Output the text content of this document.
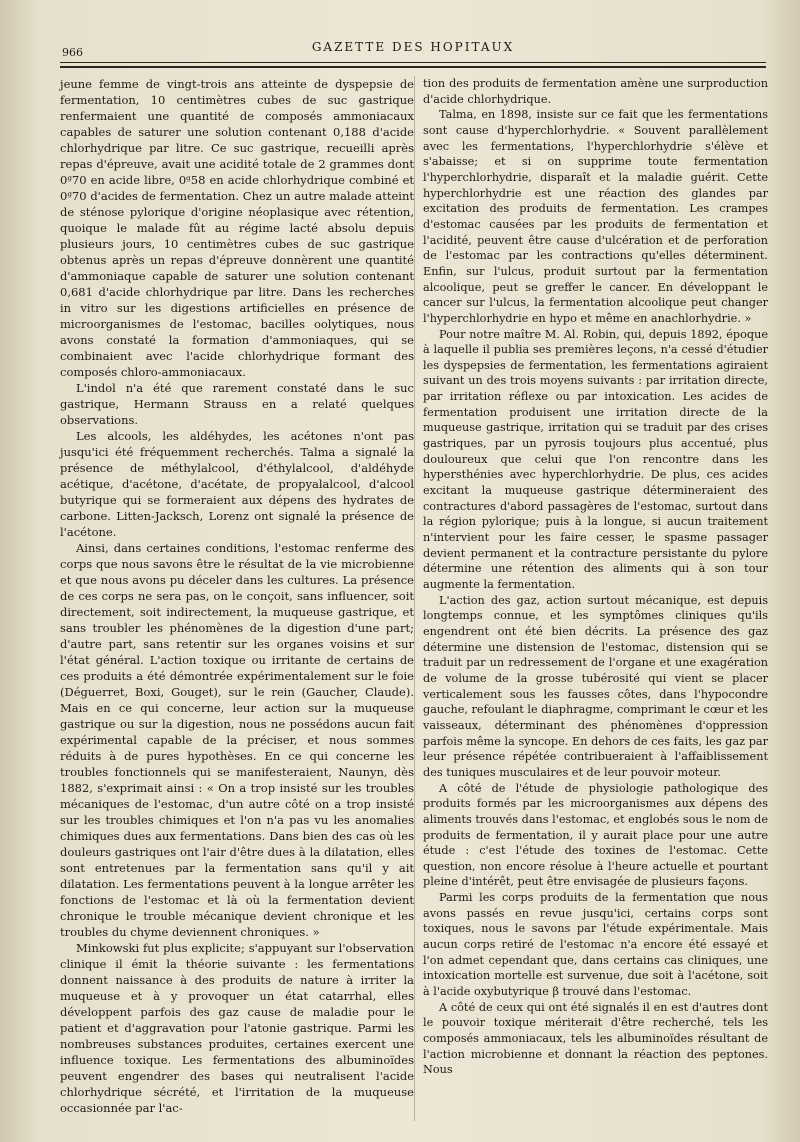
966	GAZETTE DES HOPITAUX

jeune femme de vingt-trois ans atteinte de dyspepsie de fermentation, 10 centimètres cubes de suc gastrique renfermaient une quantité de composés ammoniacaux capables de saturer une solution contenant 0,188 d'acide chlorhydrique par litre. Ce suc gastrique, recueilli après repas d'épreuve, avait une acidité totale de 2 grammes dont 0ᵍ70 en acide libre, 0ᵍ58 en acide chlorhydrique combiné et 0ᵍ70 d'acides de fermentation. Chez un autre malade atteint de sténose pylorique d'origine néoplasique avec rétention, quoique le malade fût au régime lacté absolu depuis plusieurs jours, 10 centimètres cubes de suc gastrique obtenus après un repas d'épreuve donnèrent une quantité d'ammoniaque capable de saturer une solution contenant 0,681 d'acide chlorhydrique par litre. Dans les recherches in vitro sur les digestions artificielles en présence de microorganismes de l'estomac, bacilles oolytiques, nous avons constaté la formation d'ammoniaques, qui se combinaient avec l'acide chlorhydrique formant des composés chloro-ammoniacaux.

L'indol n'a été que rarement constaté dans le suc gastrique, Hermann Strauss en a relaté quelques observations.

Les alcools, les aldéhydes, les acétones n'ont pas jusqu'ici été fréquemment recherchés. Talma a signalé la présence de méthylalcool, d'éthylalcool, d'aldéhyde acétique, d'acétone, d'acétate, de propyalalcool, d'alcool butyrique qui se formeraient aux dépens des hydrates de carbone. Litten-Jacksch, Lorenz ont signalé la présence de l'acétone.

Ainsi, dans certaines conditions, l'estomac renferme des corps que nous savons être le résultat de la vie microbienne et que nous avons pu déceler dans les cultures. La présence de ces corps ne sera pas, on le conçoit, sans influencer, soit directement, soit indirectement, la muqueuse gastrique, et sans troubler les phénomènes de la digestion d'une part; d'autre part, sans retentir sur les organes voisins et sur l'état général. L'action toxique ou irritante de certains de ces produits a été démontrée expérimentalement sur le foie (Déguerret, Boxi, Gouget), sur le rein (Gaucher, Claude). Mais en ce qui concerne, leur action sur la muqueuse gastrique ou sur la digestion, nous ne possédons aucun fait expérimental capable de la préciser, et nous sommes réduits à de pures hypothèses. En ce qui concerne les troubles fonctionnels qui se manifesteraient, Naunyn, dès 1882, s'exprimait ainsi : « On a trop insisté sur les troubles mécaniques de l'estomac, d'un autre côté on a trop insisté sur les troubles chimiques et l'on n'a pas vu les anomalies chimiques dues aux fermentations. Dans bien des cas où les douleurs gastriques ont l'air d'être dues à la dilatation, elles sont entretenues par la fermentation sans qu'il y ait dilatation. Les fermentations peuvent à la longue arrêter les fonctions de l'estomac et là où la fermentation devient chronique le trouble mécanique devient chronique et les troubles du chyme deviennent chroniques. »

Minkowski fut plus explicite; s'appuyant sur l'observation clinique il émit la théorie suivante : les fermentations donnent naissance à des produits de nature à irriter la muqueuse et à y provoquer un état catarrhal, elles développent parfois des gaz cause de maladie pour le patient et d'aggravation pour l'atonie gastrique. Parmi les nombreuses substances produites, certaines exercent une influence toxique. Les fermentations des albuminoïdes peuvent engendrer des bases qui neutralisent l'acide chlorhydrique sécrété, et l'irritation de la muqueuse occasionnée par l'ac-

tion des produits de fermentation amène une surproduction d'acide chlorhydrique.

Talma, en 1898, insiste sur ce fait que les fermentations sont cause d'hyperchlorhydrie. « Souvent parallèlement avec les fermentations, l'hyperchlorhydrie s'élève et s'abaisse; et si on supprime toute fermentation l'hyperchlorhydrie, disparaît et la maladie guérit. Cette hyperchlorhydrie est une réaction des glandes par excitation des produits de fermentation. Les crampes d'estomac causées par les produits de fermentation et l'acidité, peuvent être cause d'ulcération et de perforation de l'estomac par les contractions qu'elles déterminent. Enfin, sur l'ulcus, produit surtout par la fermentation alcoolique, peut se greffer le cancer. En développant le cancer sur l'ulcus, la fermentation alcoolique peut changer l'hyperchlorhydrie en hypo et même en anachlorhydrie. »

Pour notre maître M. Al. Robin, qui, depuis 1892, époque à laquelle il publia ses premières leçons, n'a cessé d'étudier les dyspepsies de fermentation, les fermentations agiraient suivant un des trois moyens suivants : par irritation directe, par irritation réflexe ou par intoxication. Les acides de fermentation produisent une irritation directe de la muqueuse gastrique, irritation qui se traduit par des crises gastriques, par un pyrosis toujours plus accentué, plus douloureux que celui que l'on rencontre dans les hypersthénies avec hyperchlorhydrie. De plus, ces acides excitant la muqueuse gastrique détermineraient des contractures d'abord passagères de l'estomac, surtout dans la région pylorique; puis à la longue, si aucun traitement n'intervient pour les faire cesser, le spasme passager devient permanent et la contracture persistante du pylore détermine une rétention des aliments qui à son tour augmente la fermentation.

L'action des gaz, action surtout mécanique, est depuis longtemps connue, et les symptômes cliniques qu'ils engendrent ont été bien décrits. La présence des gaz détermine une distension de l'estomac, distension qui se traduit par un redressement de l'organe et une exagération de volume de la grosse tubérosité qui vient se placer verticalement sous les fausses côtes, dans l'hypocondre gauche, refoulant le diaphragme, comprimant le cœur et les vaisseaux, déterminant des phénomènes d'oppression parfois même la syncope. En dehors de ces faits, les gaz par leur présence répétée contribueraient à l'affaiblissement des tuniques musculaires et de leur pouvoir moteur.

A côté de l'étude de physiologie pathologique des produits formés par les microorganismes aux dépens des aliments trouvés dans l'estomac, et englobés sous le nom de produits de fermentation, il y aurait place pour une autre étude : c'est l'étude des toxines de l'estomac. Cette question, non encore résolue à l'heure actuelle et pourtant pleine d'intérêt, peut être envisagée de plusieurs façons.

Parmi les corps produits de la fermentation que nous avons passés en revue jusqu'ici, certains corps sont toxiques, nous le savons par l'étude expérimentale. Mais aucun corps retiré de l'estomac n'a encore été essayé et l'on admet cependant que, dans certains cas cliniques, une intoxication mortelle est survenue, due soit à l'acétone, soit à l'acide oxybutyrique β trouvé dans l'estomac.

A côté de ceux qui ont été signalés il en est d'autres dont le pouvoir toxique mériterait d'être recherché, tels les composés ammoniacaux, tels les albuminoïdes résultant de l'action microbienne et donnant la réaction des peptones. Nous
